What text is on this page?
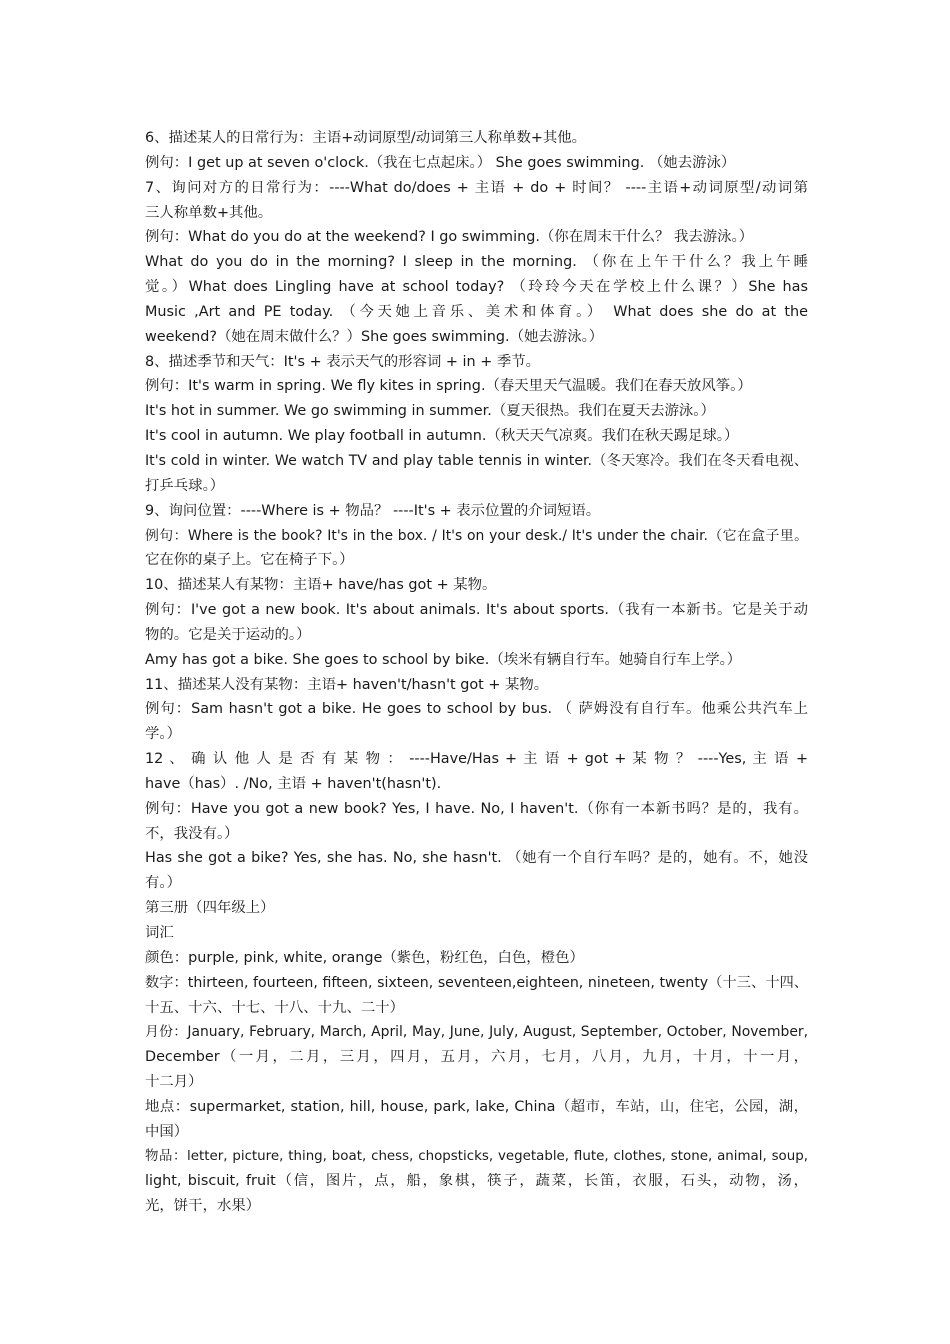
6、描述某人的日常行为：主语+动词原型/动词第三人称单数+其他。
例句：I get up at seven o'clock.（我在七点起床。） She goes swimming. （她去游泳）
7、询问对方的日常行为：----What do/does + 主语 + do + 时间？ ----主语+动词原型/动词第
三人称单数+其他。
例句：What do you do at the weekend? I go swimming.（你在周末干什么？ 我去游泳。）
What do you do in the morning? I sleep in the morning. （你在上午干什么？我上午睡
觉。）What does Lingling have at school today? （玲玲今天在学校上什么课？）She has
Music ,Art and PE today. （今天她上音乐、美术和体育。） What does she do at the
weekend?（她在周末做什么？）She goes swimming.（她去游泳。）
8、描述季节和天气：It's + 表示天气的形容词 + in + 季节。
例句：It's warm in spring. We fly kites in spring.（春天里天气温暖。我们在春天放风筝。）
It's hot in summer. We go swimming in summer.（夏天很热。我们在夏天去游泳。）
It's cool in autumn. We play football in autumn.（秋天天气凉爽。我们在秋天踢足球。）
It's cold in winter. We watch TV and play table tennis in winter.（冬天寒冷。我们在冬天看电视、
打乒乓球。）
9、询问位置：----Where is + 物品？ ----It's + 表示位置的介词短语。
例句：Where is the book? It's in the box. / It's on your desk./ It's under the chair.（它在盒子里。
它在你的桌子上。它在椅子下。）
10、描述某人有某物：主语+ have/has got + 某物。
例句：I've got a new book. It's about animals. It's about sports.（我有一本新书。它是关于动
物的。它是关于运动的。）
Amy has got a bike. She goes to school by bike.（埃米有辆自行车。她骑自行车上学。）
11、描述某人没有某物：主语+ haven't/hasn't got + 某物。
例句：Sam hasn't got a bike. He goes to school by bus. （ 萨姆没有自行车。他乘公共汽车上
学。）
12 、 确 认 他 人 是 否 有 某 物 ： ----Have/Has + 主 语 + got + 某 物 ？ ----Yes, 主 语 +
have（has）. /No, 主语 + haven't(hasn't).
例句：Have you got a new book? Yes, I have. No, I haven't.（你有一本新书吗？是的，我有。
不，我没有。）
Has she got a bike? Yes, she has. No, she hasn't. （她有一个自行车吗？是的，她有。不，她没
有。）
第三册（四年级上）
词汇
颜色：purple, pink, white, orange（紫色，粉红色，白色，橙色）
数字：thirteen, fourteen, fifteen, sixteen, seventeen,eighteen, nineteen, twenty（十三、十四、
十五、十六、十七、十八、十九、二十）
月份：January, February, March, April, May, June, July, August, September, October, November,
December（一月，二月，三月，四月，五月，六月，七月，八月，九月，十月，十一月，
十二月）
地点：supermarket, station, hill, house, park, lake, China（超市，车站，山，住宅，公园，湖，
中国）
物品：letter, picture, thing, boat, chess, chopsticks, vegetable, flute, clothes, stone, animal, soup,
light, biscuit, fruit（信，图片，点，船，象棋，筷子，蔬菜，长笛，衣服，石头，动物，汤，
光，饼干，水果）
